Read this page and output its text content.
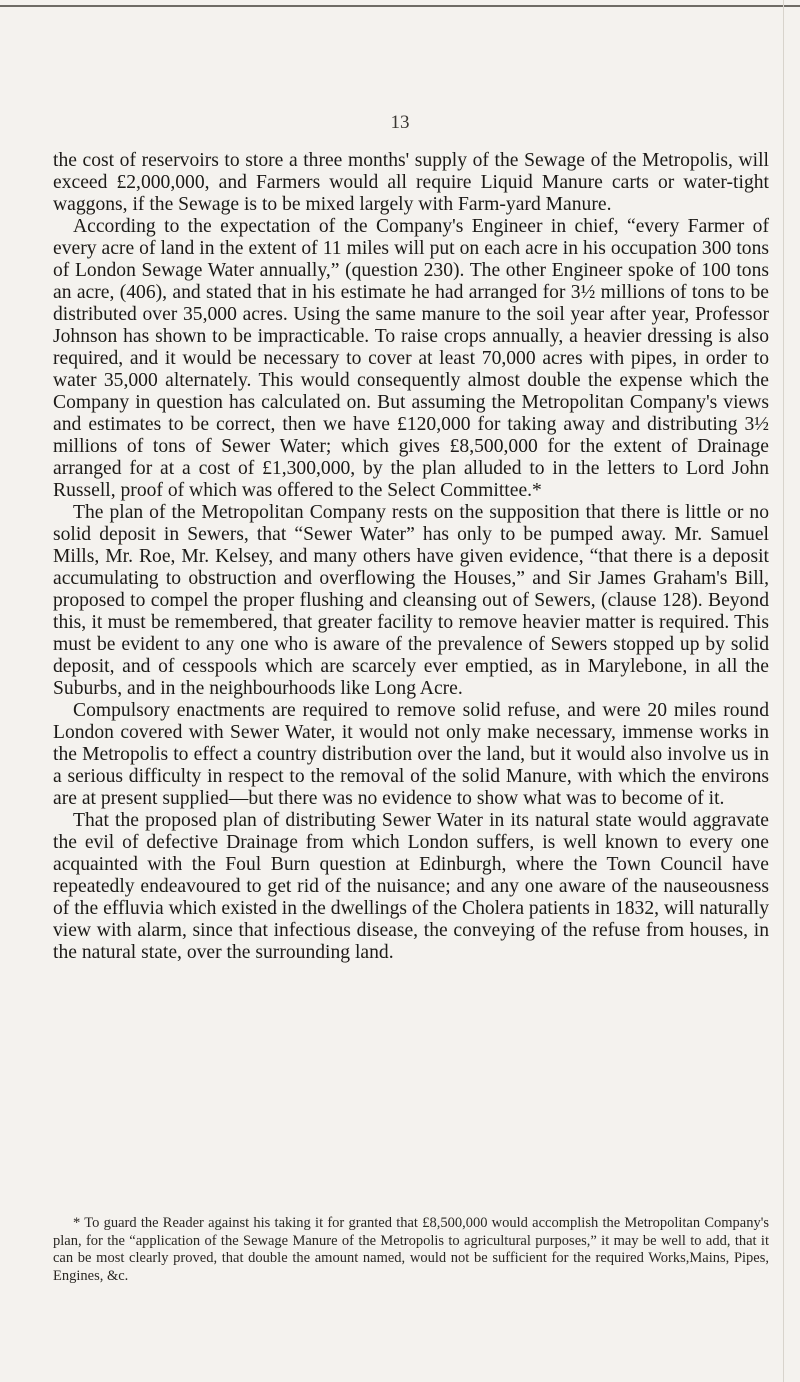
13

the cost of reservoirs to store a three months' supply of the Sewage of the Metropolis, will exceed £2,000,000, and Farmers would all require Liquid Manure carts or water-tight waggons, if the Sewage is to be mixed largely with Farm-yard Manure.

According to the expectation of the Company's Engineer in chief, “every Farmer of every acre of land in the extent of 11 miles will put on each acre in his occupation 300 tons of London Sewage Water annually,” (question 230). The other Engineer spoke of 100 tons an acre, (406), and stated that in his estimate he had arranged for 3½ millions of tons to be distributed over 35,000 acres. Using the same manure to the soil year after year, Professor Johnson has shown to be impracticable. To raise crops annually, a heavier dressing is also required, and it would be necessary to cover at least 70,000 acres with pipes, in order to water 35,000 alternately. This would consequently almost double the expense which the Company in question has calculated on. But assuming the Metropolitan Company's views and estimates to be correct, then we have £120,000 for taking away and distributing 3½ millions of tons of Sewer Water; which gives £8,500,000 for the extent of Drainage arranged for at a cost of £1,300,000, by the plan alluded to in the letters to Lord John Russell, proof of which was offered to the Select Committee.*

The plan of the Metropolitan Company rests on the supposition that there is little or no solid deposit in Sewers, that “Sewer Water” has only to be pumped away. Mr. Samuel Mills, Mr. Roe, Mr. Kelsey, and many others have given evidence, “that there is a deposit accumulating to obstruction and overflowing the Houses,” and Sir James Graham's Bill, proposed to compel the proper flushing and cleansing out of Sewers, (clause 128). Beyond this, it must be remembered, that greater facility to remove heavier matter is required. This must be evident to any one who is aware of the prevalence of Sewers stopped up by solid deposit, and of cesspools which are scarcely ever emptied, as in Marylebone, in all the Suburbs, and in the neighbourhoods like Long Acre.

Compulsory enactments are required to remove solid refuse, and were 20 miles round London covered with Sewer Water, it would not only make necessary, immense works in the Metropolis to effect a country distribution over the land, but it would also involve us in a serious difficulty in respect to the removal of the solid Manure, with which the environs are at present supplied—but there was no evidence to show what was to become of it.

That the proposed plan of distributing Sewer Water in its natural state would aggravate the evil of defective Drainage from which London suffers, is well known to every one acquainted with the Foul Burn question at Edinburgh, where the Town Council have repeatedly endeavoured to get rid of the nuisance; and any one aware of the nauseousness of the effluvia which existed in the dwellings of the Cholera patients in 1832, will naturally view with alarm, since that infectious disease, the conveying of the refuse from houses, in the natural state, over the surrounding land.

* To guard the Reader against his taking it for granted that £8,500,000 would accomplish the Metropolitan Company's plan, for the “application of the Sewage Manure of the Metropolis to agricultural purposes,” it may be well to add, that it can be most clearly proved, that double the amount named, would not be sufficient for the required Works,Mains, Pipes, Engines, &c.
